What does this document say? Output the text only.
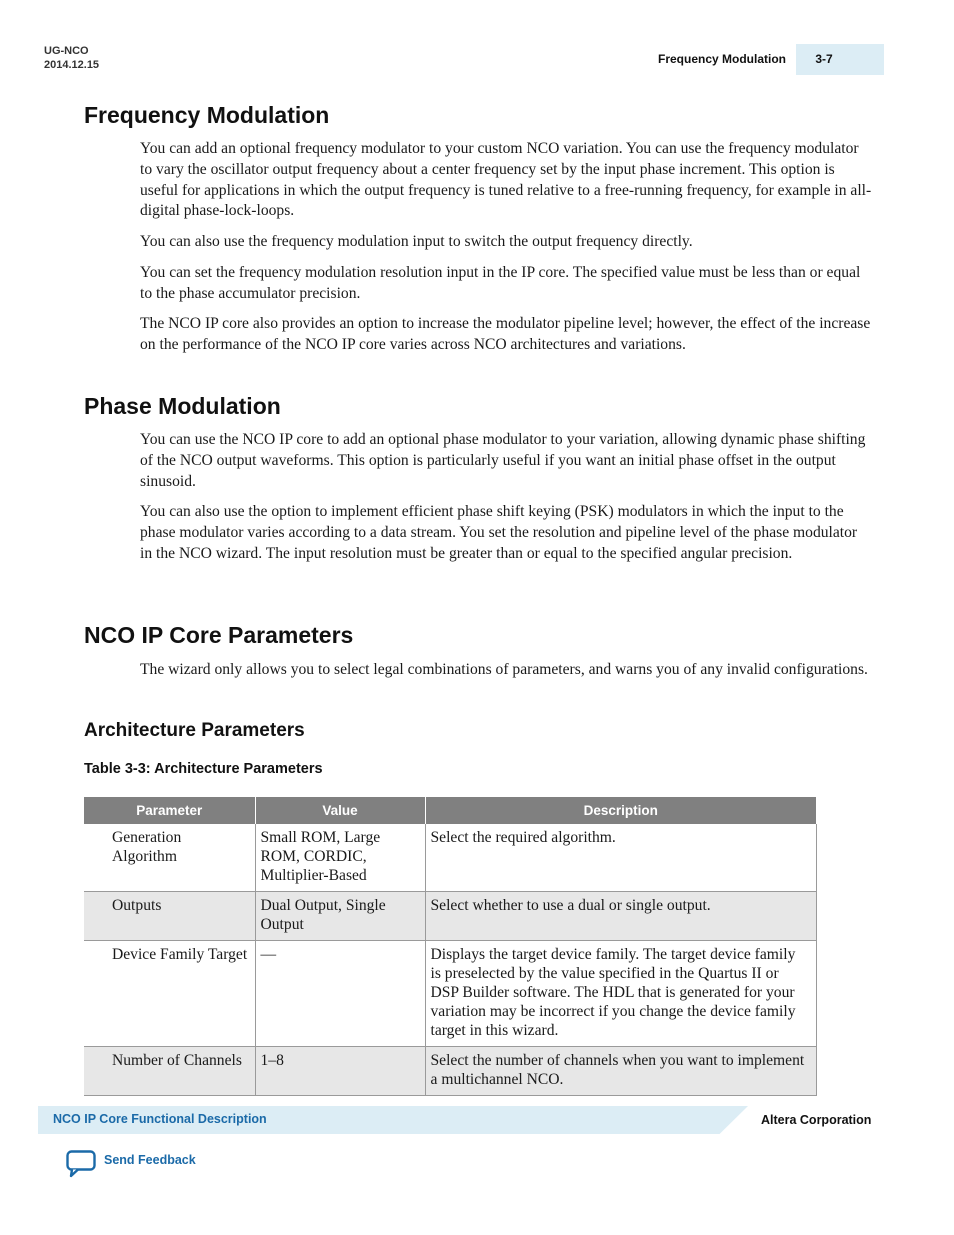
UG-NCO
2014.12.15	Frequency Modulation	3-7
Frequency Modulation

You can add an optional frequency modulator to your custom NCO variation. You can use the frequency modulator to vary the oscillator output frequency about a center frequency set by the input phase increment. This option is useful for applications in which the output frequency is tuned relative to a free-running frequency, for example in all-digital phase-lock-loops.

You can also use the frequency modulation input to switch the output frequency directly.

You can set the frequency modulation resolution input in the IP core. The specified value must be less than or equal to the phase accumulator precision.

The NCO IP core also provides an option to increase the modulator pipeline level; however, the effect of the increase on the performance of the NCO IP core varies across NCO architectures and variations.

Phase Modulation

You can use the NCO IP core to add an optional phase modulator to your variation, allowing dynamic phase shifting of the NCO output waveforms. This option is particularly useful if you want an initial phase offset in the output sinusoid.

You can also use the option to implement efficient phase shift keying (PSK) modulators in which the input to the phase modulator varies according to a data stream. You set the resolution and pipeline level of the phase modulator in the NCO wizard. The input resolution must be greater than or equal to the specified angular precision.

NCO IP Core Parameters

The wizard only allows you to select legal combinations of parameters, and warns you of any invalid configurations.

Architecture Parameters
Table 3-3: Architecture Parameters
Parameter	Value	Description
Generation Algorithm	Small ROM, Large ROM, CORDIC, Multiplier-Based	Select the required algorithm.
Outputs	Dual Output, Single Output	Select whether to use a dual or single output.
Device Family Target	—	Displays the target device family. The target device family is preselected by the value specified in the Quartus II or DSP Builder software. The HDL that is generated for your variation may be incorrect if you change the device family target in this wizard.
Number of Channels	1–8	Select the number of channels when you want to implement a multichannel NCO.
NCO IP Core Functional Description	Altera Corporation
Send Feedback
